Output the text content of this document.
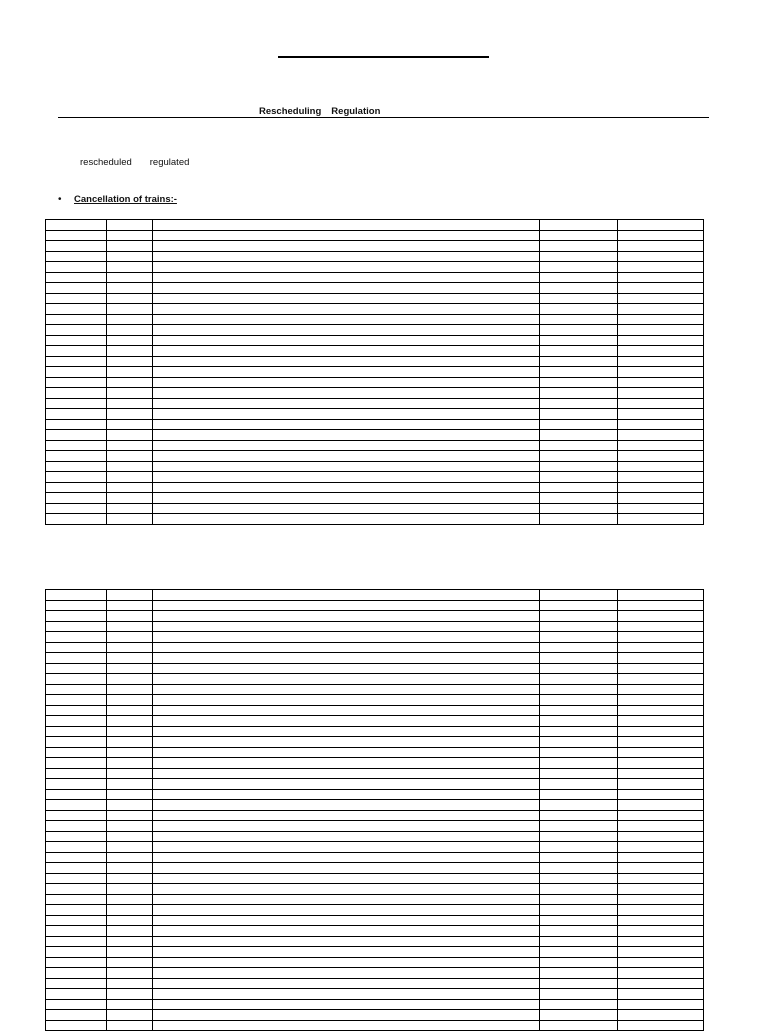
Rescheduling Regulation
rescheduled regulated
• Cancellation of trains:-
